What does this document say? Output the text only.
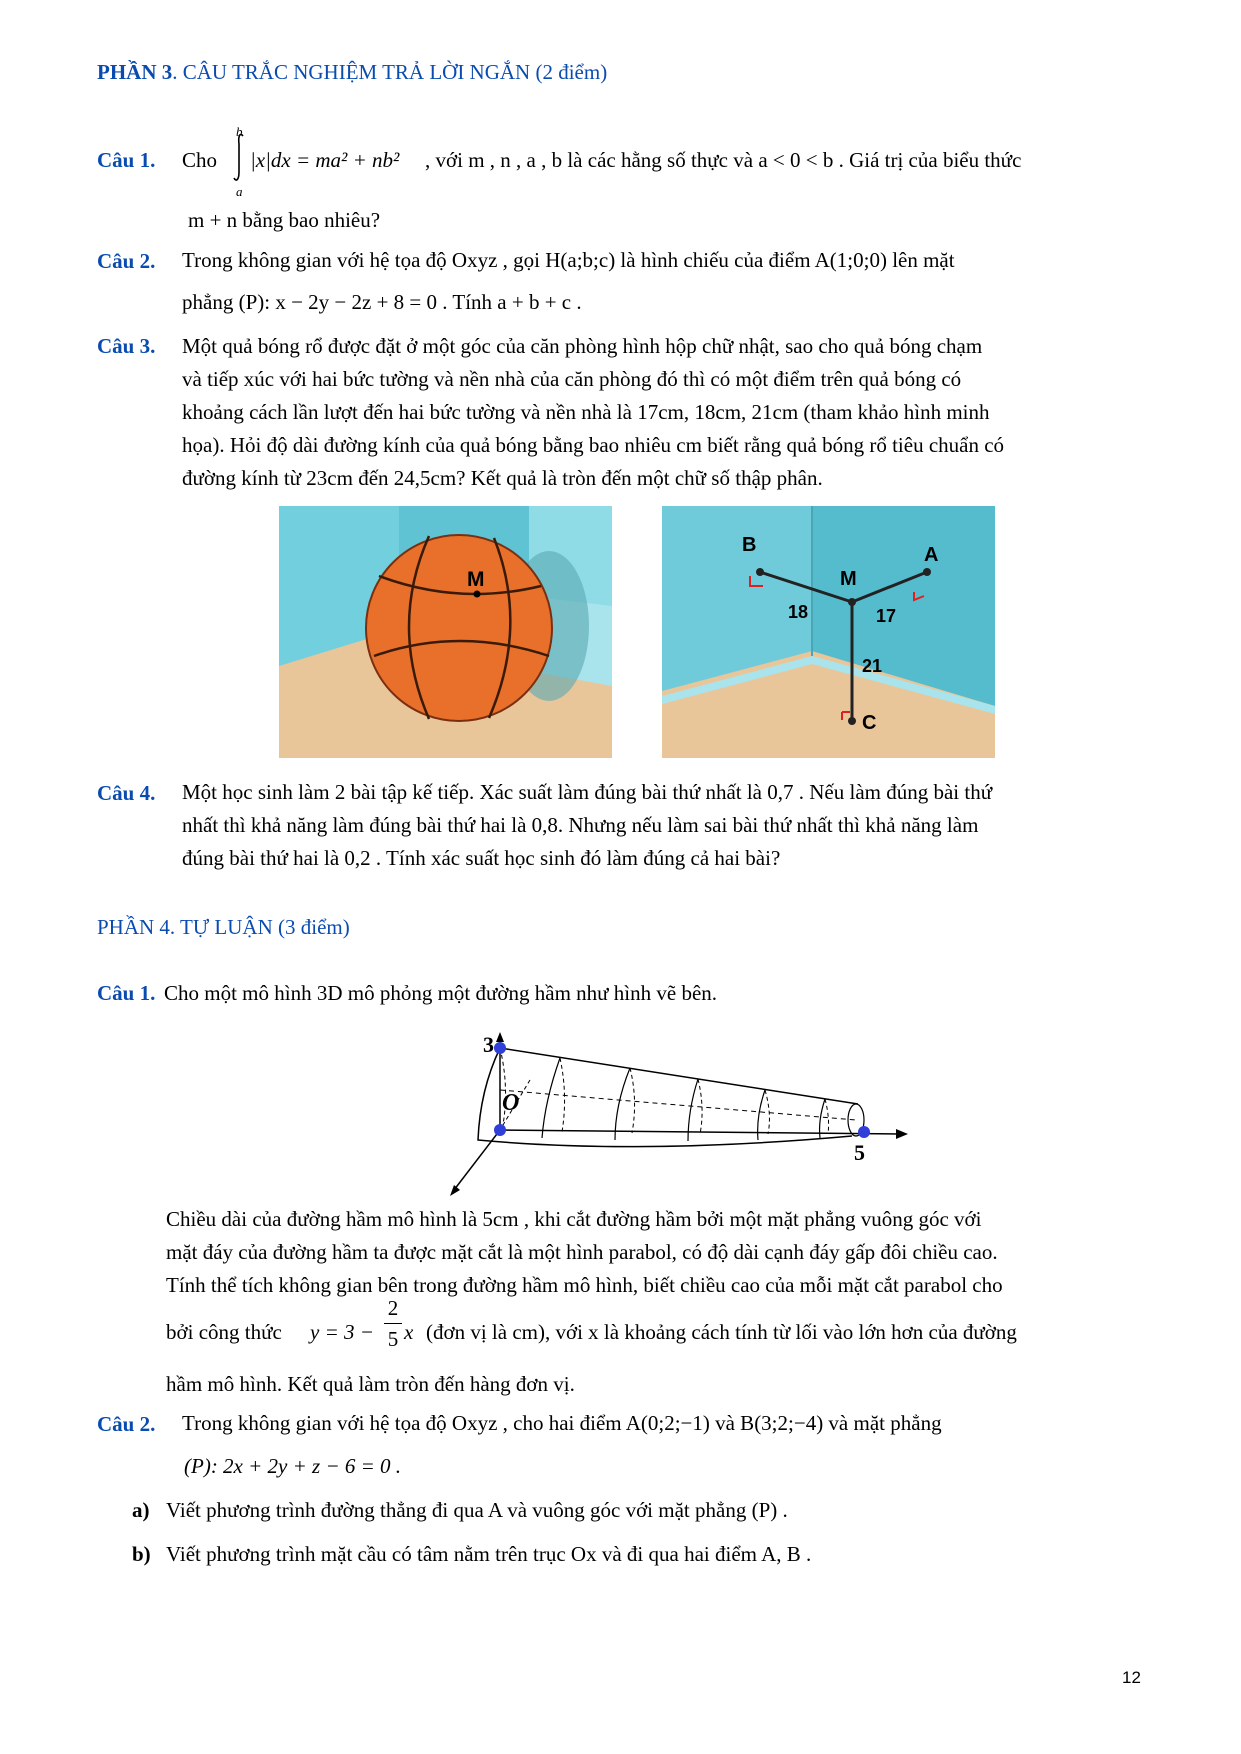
PHẦN 3. CÂU TRẮC NGHIỆM TRẢ LỜI NGẮN (2 điểm)
Câu 1. Cho
b
a
|x|dx = ma² + nb² , với m , n , a , b là các hằng số thực và a < 0 < b . Giá trị của biểu thức
m + n bằng bao nhiêu?
Câu 2. Trong không gian với hệ tọa độ Oxyz , gọi H(a;b;c) là hình chiếu của điểm A(1;0;0) lên mặt
phẳng (P): x − 2y − 2z + 8 = 0 . Tính a + b + c .
Câu 3. Một quả bóng rổ được đặt ở một góc của căn phòng hình hộp chữ nhật, sao cho quả bóng chạm
và tiếp xúc với hai bức tường và nền nhà của căn phòng đó thì có một điểm trên quả bóng có
khoảng cách lần lượt đến hai bức tường và nền nhà là 17cm, 18cm, 21cm (tham khảo hình minh
họa). Hỏi độ dài đường kính của quả bóng bằng bao nhiêu cm biết rằng quả bóng rổ tiêu chuẩn có
đường kính từ 23cm đến 24,5cm? Kết quả là tròn đến một chữ số thập phân.
M
B	A
M
C
18	17
21
Câu 4. Một học sinh làm 2 bài tập kế tiếp. Xác suất làm đúng bài thứ nhất là 0,7 . Nếu làm đúng bài thứ
nhất thì khả năng làm đúng bài thứ hai là 0,8. Nhưng nếu làm sai bài thứ nhất thì khả năng làm
đúng bài thứ hai là 0,2 . Tính xác suất học sinh đó làm đúng cả hai bài?
PHẦN 4. TỰ LUẬN (3 điểm)
Câu 1. Cho một mô hình 3D mô phỏng một đường hầm như hình vẽ bên.
3
O
5
Chiều dài của đường hầm mô hình là 5cm , khi cắt đường hầm bởi một mặt phẳng vuông góc với
mặt đáy của đường hầm ta được mặt cắt là một hình parabol, có độ dài cạnh đáy gấp đôi chiều cao.
Tính thể tích không gian bên trong đường hầm mô hình, biết chiều cao của mỗi mặt cắt parabol cho
bởi công thức y = 3 −
2
5 x (đơn vị là cm), với x là khoảng cách tính từ lối vào lớn hơn của đường
hầm mô hình. Kết quả làm tròn đến hàng đơn vị.
Câu 2. Trong không gian với hệ tọa độ Oxyz , cho hai điểm A(0;2;−1) và B(3;2;−4) và mặt phẳng
(P): 2x + 2y + z − 6 = 0 .
a) Viết phương trình đường thẳng đi qua A và vuông góc với mặt phẳng (P) .
b) Viết phương trình mặt cầu có tâm nằm trên trục Ox và đi qua hai điểm A, B .
12
